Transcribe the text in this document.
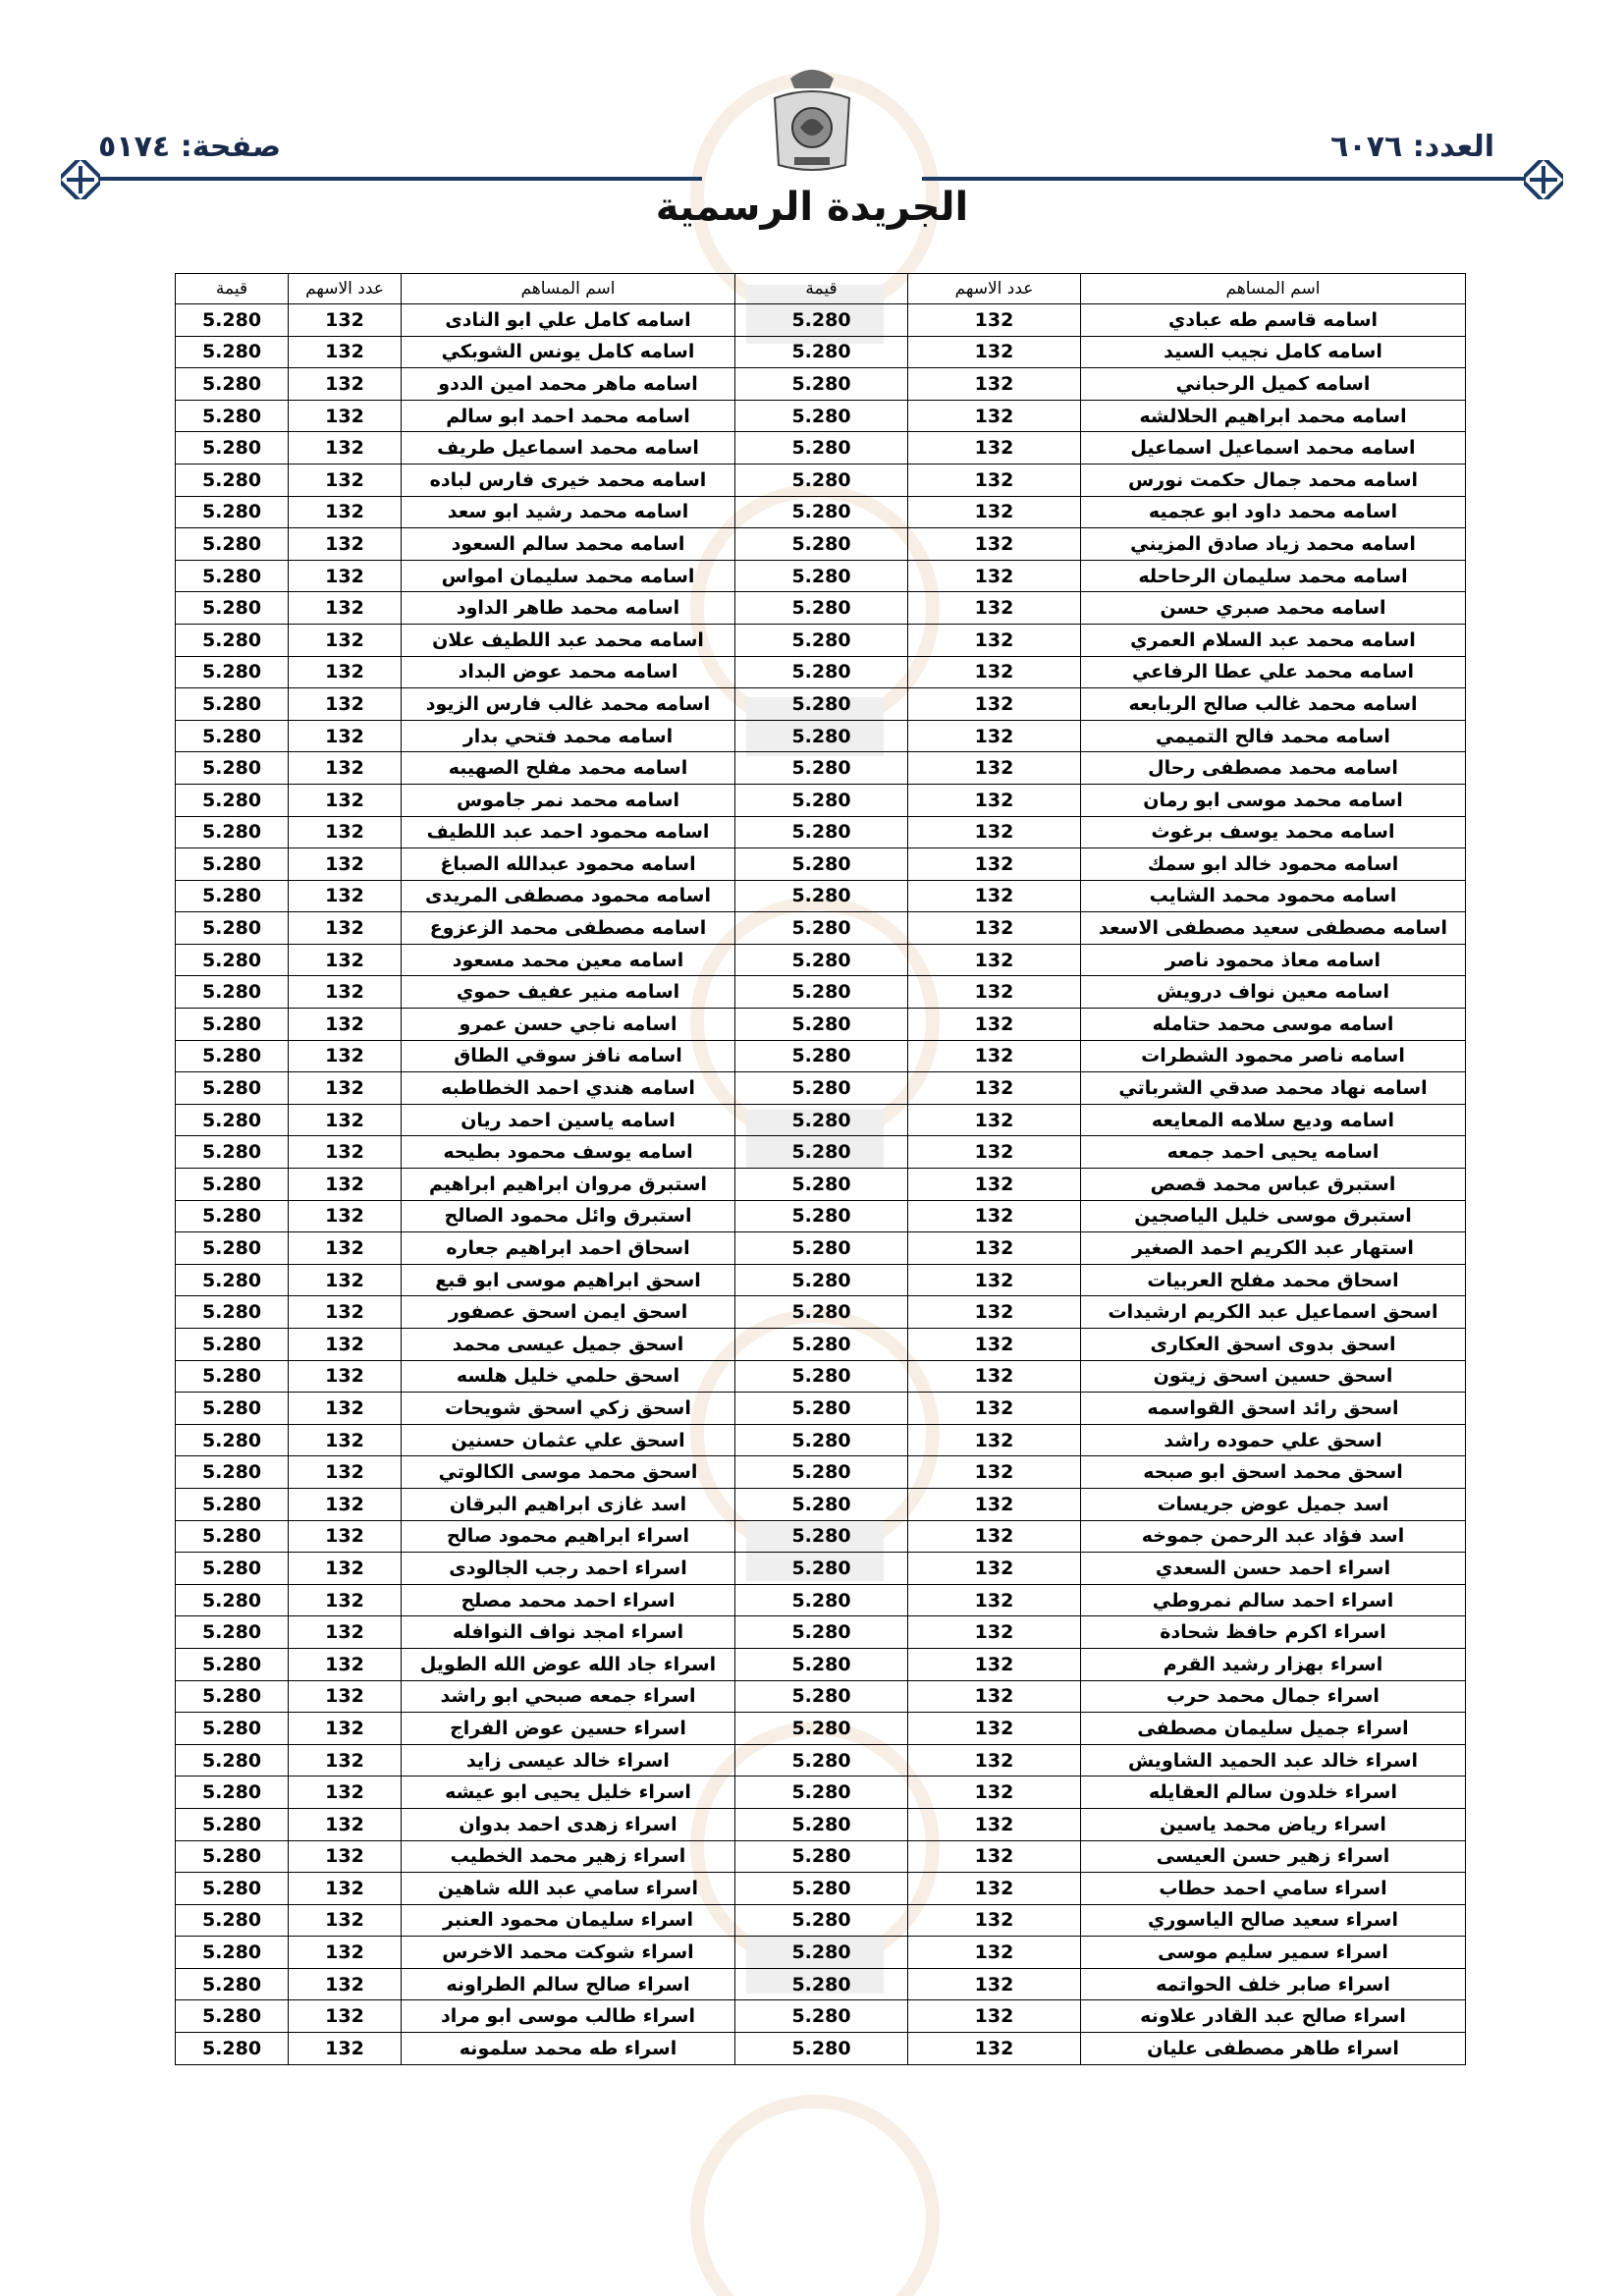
العدد: ٦٠٧٦
صفحة: ٥١٧٤
الجريدة الرسمية
اسم المساهم	عدد الاسهم	قيمة	اسم المساهم	عدد الاسهم	قيمة
اسامه قاسم طه عبادي	132	5.280	اسامه كامل علي ابو النادى	132	5.280
اسامه كامل نجيب السيد	132	5.280	اسامه كامل يونس الشوبكي	132	5.280
اسامه كميل الرحباني	132	5.280	اسامه ماهر محمد امين الددو	132	5.280
اسامه محمد ابراهيم الحلالشه	132	5.280	اسامه محمد احمد ابو سالم	132	5.280
اسامه محمد اسماعيل اسماعيل	132	5.280	اسامه محمد اسماعيل طريف	132	5.280
اسامه محمد جمال حكمت نورس	132	5.280	اسامه محمد خيرى فارس لباده	132	5.280
اسامه محمد داود ابو عجميه	132	5.280	اسامه محمد رشيد ابو سعد	132	5.280
اسامه محمد زياد صادق المزيني	132	5.280	اسامه محمد سالم السعود	132	5.280
اسامه محمد سليمان الرحاحله	132	5.280	اسامه محمد سليمان امواس	132	5.280
اسامه محمد صبري حسن	132	5.280	اسامه محمد طاهر الداود	132	5.280
اسامه محمد عبد السلام العمري	132	5.280	اسامه محمد عبد اللطيف علان	132	5.280
اسامه محمد علي عطا الرفاعي	132	5.280	اسامه محمد عوض البداد	132	5.280
اسامه محمد غالب صالح الربابعه	132	5.280	اسامه محمد غالب فارس الزيود	132	5.280
اسامه محمد فالح التميمي	132	5.280	اسامه محمد فتحي بدار	132	5.280
اسامه محمد مصطفى رحال	132	5.280	اسامه محمد مفلح الصهيبه	132	5.280
اسامه محمد موسى ابو رمان	132	5.280	اسامه محمد نمر جاموس	132	5.280
اسامه محمد يوسف برغوث	132	5.280	اسامه محمود احمد عبد اللطيف	132	5.280
اسامه محمود خالد ابو سمك	132	5.280	اسامه محمود عبدالله الصباغ	132	5.280
اسامه محمود محمد الشايب	132	5.280	اسامه محمود مصطفى المريدى	132	5.280
اسامه مصطفى سعيد مصطفى الاسعد	132	5.280	اسامه مصطفى محمد الزعزوع	132	5.280
اسامه معاذ محمود ناصر	132	5.280	اسامه معين محمد مسعود	132	5.280
اسامه معين نواف درويش	132	5.280	اسامه منير عفيف حموي	132	5.280
اسامه موسى محمد حتامله	132	5.280	اسامه ناجي حسن عمرو	132	5.280
اسامه ناصر محمود الشطرات	132	5.280	اسامه نافز سوقي الطاق	132	5.280
اسامه نهاد محمد صدقي الشرباتي	132	5.280	اسامه هندي احمد الخطاطبه	132	5.280
اسامه وديع سلامه المعايعه	132	5.280	اسامه ياسين احمد ريان	132	5.280
اسامه يحيى احمد جمعه	132	5.280	اسامه يوسف محمود بطيحه	132	5.280
استبرق عباس محمد قصص	132	5.280	استبرق مروان ابراهيم ابراهيم	132	5.280
استبرق موسى خليل الياصجين	132	5.280	استبرق وائل محمود الصالح	132	5.280
استهار عبد الكريم احمد الصغير	132	5.280	اسحاق احمد ابراهيم جعاره	132	5.280
اسحاق محمد مفلح العربيات	132	5.280	اسحق ابراهيم موسى ابو قبع	132	5.280
اسحق اسماعيل عبد الكريم ارشيدات	132	5.280	اسحق ايمن اسحق عصفور	132	5.280
اسحق بدوى اسحق العكارى	132	5.280	اسحق جميل عيسى محمد	132	5.280
اسحق حسين اسحق زيتون	132	5.280	اسحق حلمي خليل هلسه	132	5.280
اسحق رائد اسحق القواسمه	132	5.280	اسحق زكي اسحق شويحات	132	5.280
اسحق علي حموده راشد	132	5.280	اسحق علي عثمان حسنين	132	5.280
اسحق محمد اسحق ابو صبحه	132	5.280	اسحق محمد موسى الكالوتي	132	5.280
اسد جميل عوض جريسات	132	5.280	اسد غازى ابراهيم البرقان	132	5.280
اسد فؤاد عبد الرحمن جموخه	132	5.280	اسراء ابراهيم محمود صالح	132	5.280
اسراء احمد حسن السعدي	132	5.280	اسراء احمد رجب الجالودى	132	5.280
اسراء احمد سالم نمروطي	132	5.280	اسراء احمد محمد مصلح	132	5.280
اسراء اكرم حافظ شحادة	132	5.280	اسراء امجد نواف النوافله	132	5.280
اسراء بهزار رشيد القرم	132	5.280	اسراء جاد الله عوض الله الطويل	132	5.280
اسراء جمال محمد حرب	132	5.280	اسراء جمعه صبحي ابو راشد	132	5.280
اسراء جميل سليمان مصطفى	132	5.280	اسراء حسين عوض الفراج	132	5.280
اسراء خالد عبد الحميد الشاويش	132	5.280	اسراء خالد عيسى زايد	132	5.280
اسراء خلدون سالم العقايله	132	5.280	اسراء خليل يحيى ابو عيشه	132	5.280
اسراء رياض محمد ياسين	132	5.280	اسراء زهدى احمد بدوان	132	5.280
اسراء زهير حسن العيسى	132	5.280	اسراء زهير محمد الخطيب	132	5.280
اسراء سامي احمد حطاب	132	5.280	اسراء سامي عبد الله شاهين	132	5.280
اسراء سعيد صالح الياسوري	132	5.280	اسراء سليمان محمود العنبر	132	5.280
اسراء سمير سليم موسى	132	5.280	اسراء شوكت محمد الاخرس	132	5.280
اسراء صابر خلف الحواتمه	132	5.280	اسراء صالح سالم الطراونه	132	5.280
اسراء صالح عبد القادر علاونه	132	5.280	اسراء طالب موسى ابو مراد	132	5.280
اسراء طاهر مصطفى عليان	132	5.280	اسراء طه محمد سلمونه	132	5.280
